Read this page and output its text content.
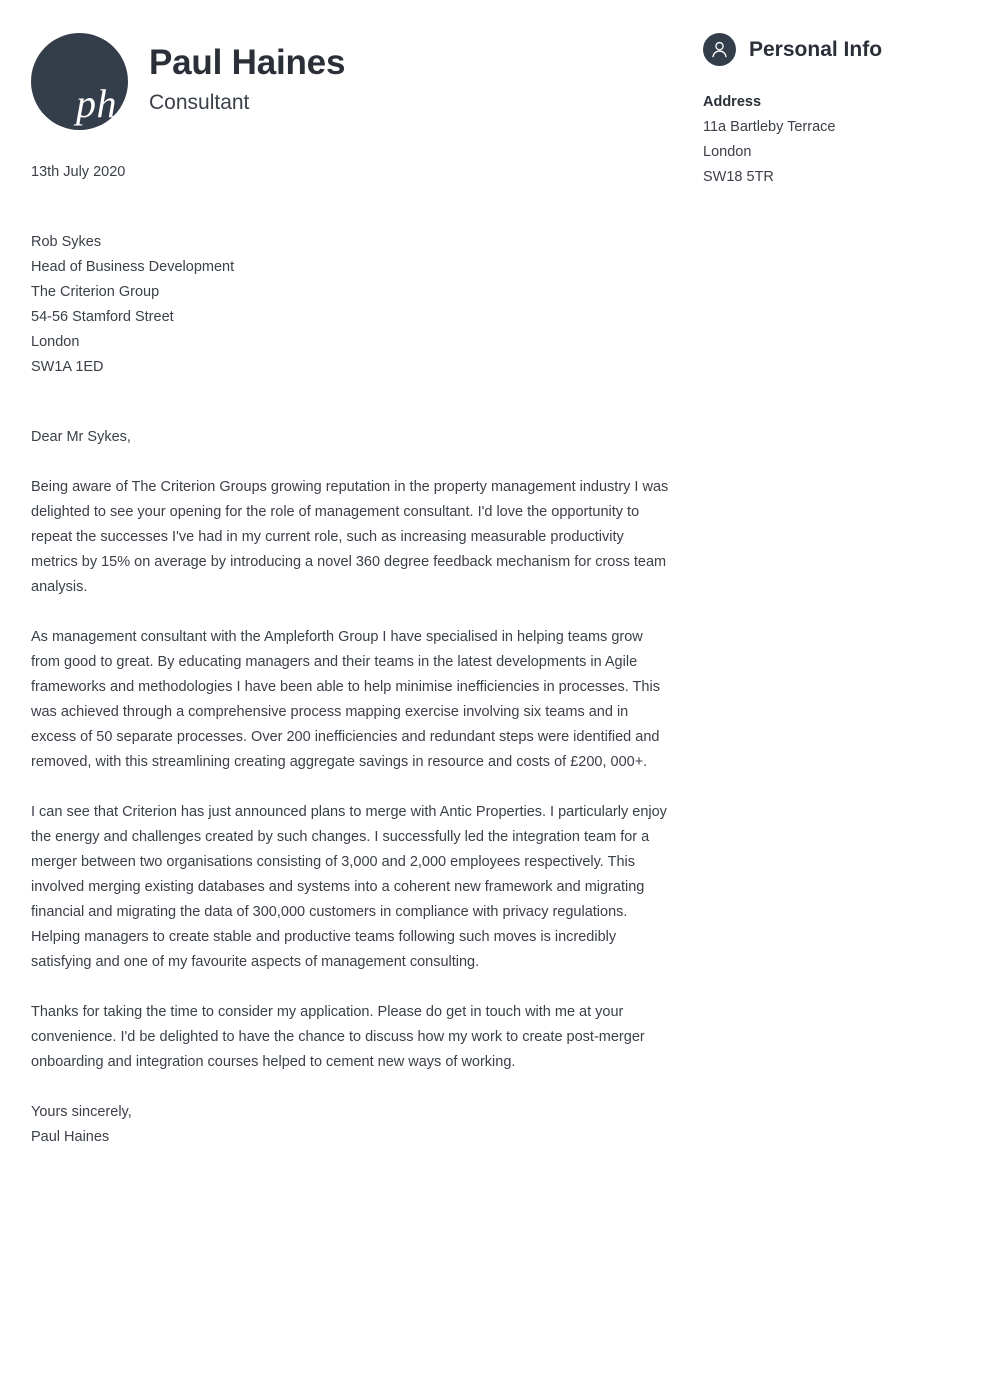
ph
Paul Haines

Consultant

13th July 2020
Rob Sykes
Head of Business Development
The Criterion Group
54-56 Stamford Street
London
SW1A 1ED
Dear Mr Sykes,

Being aware of The Criterion Groups growing reputation in the property management industry I was delighted to see your opening for the role of management consultant. I'd love the opportunity to repeat the successes I've had in my current role, such as increasing measurable productivity metrics by 15% on average by introducing a novel 360 degree feedback mechanism for cross team analysis.

As management consultant with the Ampleforth Group I have specialised in helping teams grow from good to great. By educating managers and their teams in the latest developments in Agile frameworks and methodologies I have been able to help minimise inefficiencies in processes. This was achieved through a comprehensive process mapping exercise involving six teams and in excess of 50 separate processes. Over 200 inefficiencies and redundant steps were identified and removed, with this streamlining creating aggregate savings in resource and costs of £200, 000+.

I can see that Criterion has just announced plans to merge with Antic Properties. I particularly enjoy the energy and challenges created by such changes. I successfully led the integration team for a merger between two organisations consisting of 3,000 and 2,000 employees respectively. This involved merging existing databases and systems into a coherent new framework and migrating financial and migrating the data of 300,000 customers in compliance with privacy regulations. Helping managers to create stable and productive teams following such moves is incredibly satisfying and one of my favourite aspects of management consulting.

Thanks for taking the time to consider my application. Please do get in touch with me at your convenience. I'd be delighted to have the chance to discuss how my work to create post-merger onboarding and integration courses helped to cement new ways of working.

Yours sincerely,
Paul Haines
Personal Info
Address
11a Bartleby Terrace
London
SW18 5TR
